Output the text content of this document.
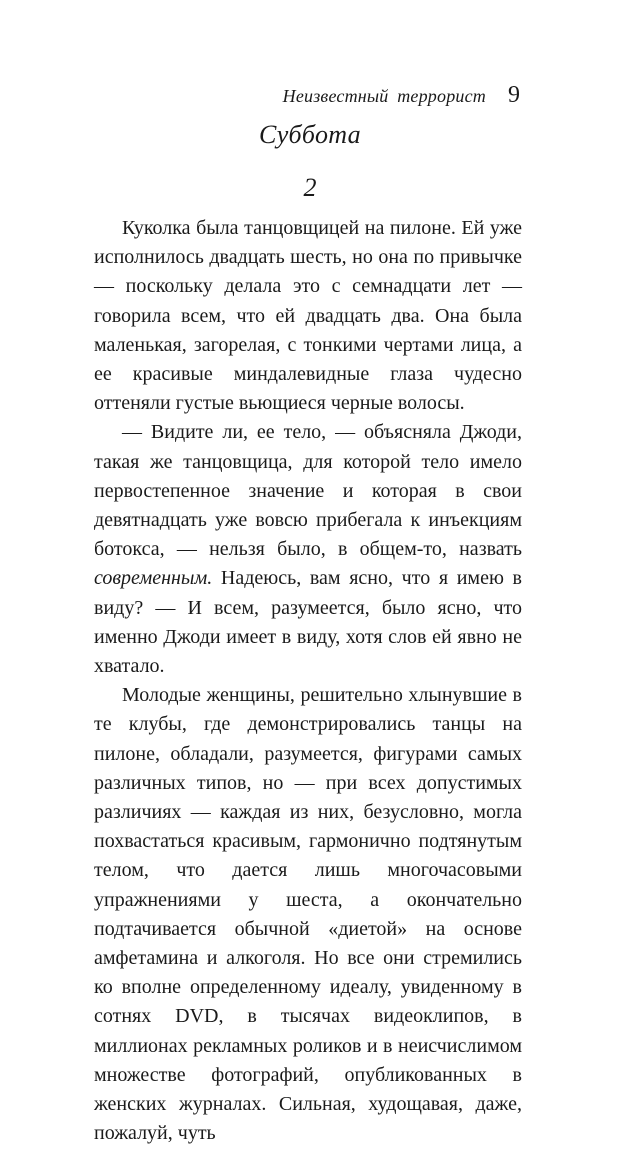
Неизвестный террорист 9
Суббота
2

Куколка была танцовщицей на пилоне. Ей уже исполнилось двадцать шесть, но она по привычке — поскольку делала это с семнадцати лет — говорила всем, что ей двадцать два. Она была маленькая, загорелая, с тонкими чертами лица, а ее красивые миндалевидные глаза чудесно оттеняли густые вьющиеся черные волосы.

— Видите ли, ее тело, — объясняла Джоди, такая же танцовщица, для которой тело имело первостепенное значение и которая в свои девятнадцать уже вовсю прибегала к инъекциям ботокса, — нельзя было, в общем-то, назвать современным. Надеюсь, вам ясно, что я имею в виду? — И всем, разумеется, было ясно, что именно Джоди имеет в виду, хотя слов ей явно не хватало.

Молодые женщины, решительно хлынувшие в те клубы, где демонстрировались танцы на пилоне, обладали, разумеется, фигурами самых различных типов, но — при всех допустимых различиях — каждая из них, безусловно, могла похвастаться красивым, гармонично подтянутым телом, что дается лишь многочасовыми упражнениями у шеста, а окончательно подтачивается обычной «диетой» на основе амфетамина и алкоголя. Но все они стремились ко вполне определенному идеалу, увиденному в сотнях DVD, в тысячах видеоклипов, в миллионах рекламных роликов и в неисчислимом множестве фотографий, опубликованных в женских журналах. Сильная, худощавая, даже, пожалуй, чуть
